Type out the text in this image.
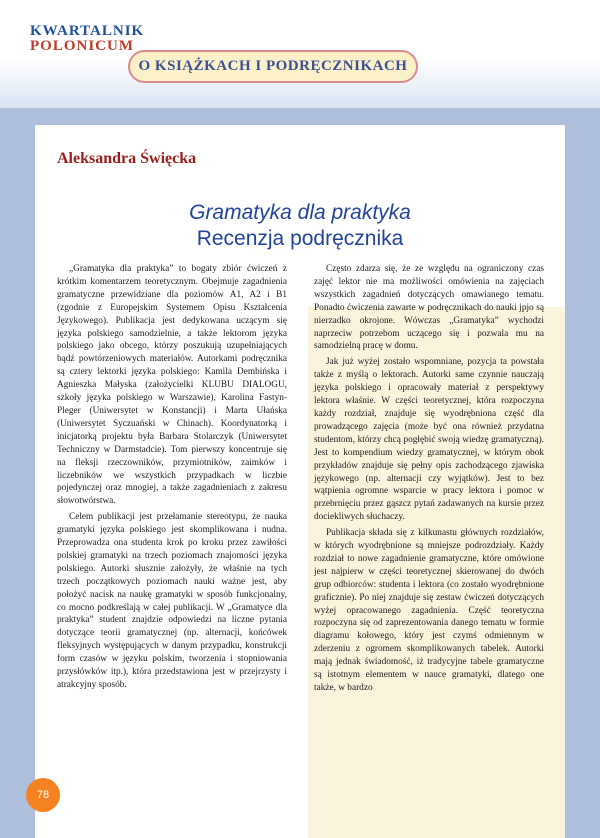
KWARTALNIK
POLONICUM
O KSIĄŻKACH I PODRĘCZNIKACH
Aleksandra Święcka
Gramatyka dla praktyka
Recenzja podręcznika

„Gramatyka dla praktyka” to bogaty zbiór ćwiczeń z krótkim komentarzem teoretycznym. Obejmuje zagadnienia gramatyczne przewidziane dla poziomów A1, A2 i B1 (zgodnie z Europejskim Systemem Opisu Kształcenia Językowego). Publikacja jest dedykowana uczącym się języka polskiego samodzielnie, a także lektorom języka polskiego jako obcego, którzy poszukują uzupełniających bądź powtórzeniowych materiałów. Autorkami podręcznika są cztery lektorki języka polskiego: Kamila Dembińska i Agnieszka Małyska (założycielki KLUBU DIALOGU, szkoły języka polskiego w Warszawie), Karolina Fastyn-Pleger (Uniwersytet w Konstancji) i Marta Ułańska (Uniwersytet Syczuański w Chinach). Koordynatorką i inicjatorką projektu była Barbara Stolarczyk (Uniwersytet Techniczny w Darmstadcie). Tom pierwszy koncentruje się na fleksji rzeczowników, przymiotników, zaimków i liczebników we wszystkich przypadkach w liczbie pojedynczej oraz mnogiej, a także zagadnieniach z zakresu słowotwórstwa.

Celem publikacji jest przełamanie stereotypu, że nauka gramatyki języka polskiego jest skomplikowana i nudna. Przeprowadza ona studenta krok po kroku przez zawiłości polskiej gramatyki na trzech poziomach znajomości języka polskiego. Autorki słusznie założyły, że właśnie na tych trzech początkowych poziomach nauki ważne jest, aby położyć nacisk na naukę gramatyki w sposób funkcjonalny, co mocno podkreślają w całej publikacji. W „Gramatyce dla praktyka” student znajdzie odpowiedzi na liczne pytania dotyczące teorii gramatycznej (np. alternacji, końcówek fleksyjnych występujących w danym przypadku, konstrukcji form czasów w języku polskim, tworzenia i stopniowania przysłówków itp.), która przedstawiona jest w przejrzysty i atrakcyjny sposób.

Często zdarza się, że ze względu na ograniczony czas zajęć lektor nie ma możliwości omówienia na zajęciach wszystkich zagadnień dotyczących omawianego tematu. Ponadto ćwiczenia zawarte w podręcznikach do nauki jpjo są nierzadko okrojone. Wówczas „Gramatyka” wychodzi naprzeciw potrzebom uczącego się i pozwala mu na samodzielną pracę w domu.

Jak już wyżej zostało wspomniane, pozycja ta powstała także z myślą o lektorach. Autorki same czynnie nauczają języka polskiego i opracowały materiał z perspektywy lektora właśnie. W części teoretycznej, która rozpoczyna każdy rozdział, znajduje się wyodrębniona część dla prowadzącego zajęcia (może być ona również przydatna studentom, którzy chcą pogłębić swoją wiedzę gramatyczną). Jest to kompendium wiedzy gramatycznej, w którym obok przykładów znajduje się pełny opis zachodzącego zjawiska językowego (np. alternacji czy wyjątków). Jest to bez wątpienia ogromne wsparcie w pracy lektora i pomoc w przebrnięciu przez gąszcz pytań zadawanych na kursie przez dociekliwych słuchaczy.

Publikacja składa się z kilkunastu głównych rozdziałów, w których wyodrębnione są mniejsze podrozdziały. Każdy rozdział to nowe zagadnienie gramatyczne, które omówione jest najpierw w części teoretycznej skierowanej do dwóch grup odbiorców: studenta i lektora (co zostało wyodrębnione graficznie). Po niej znajduje się zestaw ćwiczeń dotyczących wyżej opracowanego zagadnienia. Część teoretyczna rozpoczyna się od zaprezentowania danego tematu w formie diagramu kołowego, który jest czymś odmiennym w zderzeniu z ogromem skomplikowanych tabelek. Autorki mają jednak świadomość, iż tradycyjne tabele gramatyczne są istotnym elementem w nauce gramatyki, dlatego one także, w bardzo

78
